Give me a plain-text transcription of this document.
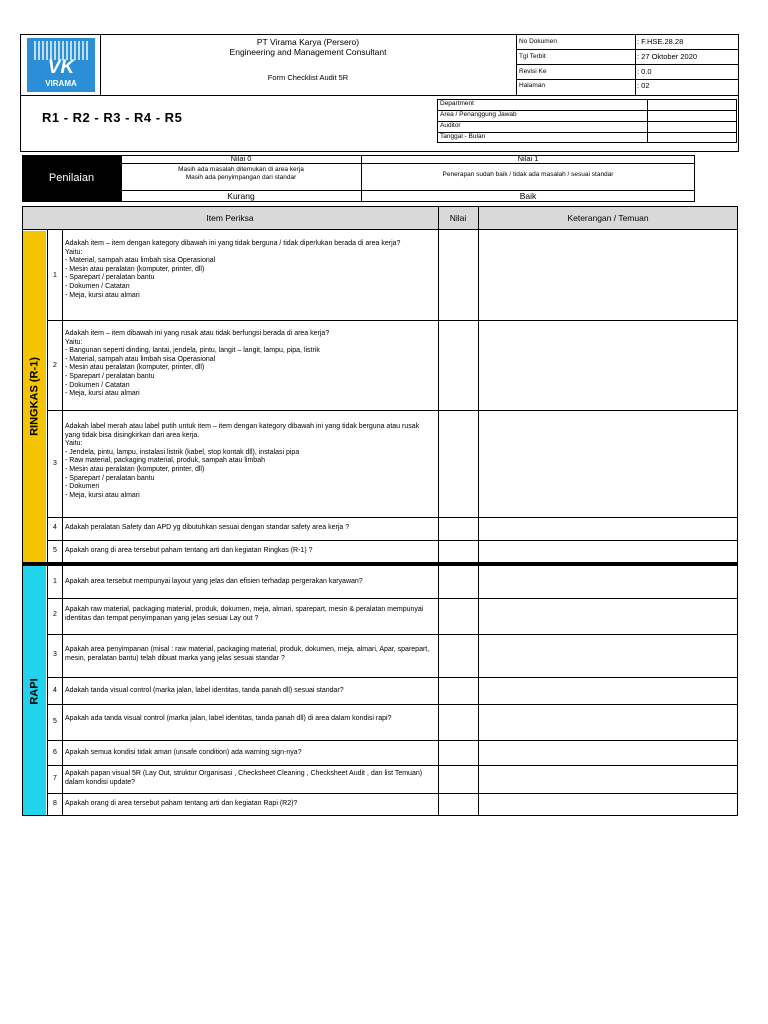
VK
VIRAMA
PT Virama Karya (Persero)
Engineering and Management Consultant
Form Checklist Audit 5R
No Dokumen	: F.HSE.28.28
Tgl Terbit	: 27 Oktober 2020
Revisi Ke	: 0.0
Halaman	: 02
R1 - R2 - R3 - R4 - R5
Department
Area / Penanggung Jawab
Auditor
Tanggal - Bulan
Penilaian
Nilai 0	Nilai 1
Masih ada masalah ditemukan di area kerja
Masih ada penyimpangan dari standar	Penerapan sudah baik / tidak ada masalah / sesuai standar
Kurang	Baik
Item Periksa	Nilai	Keterangan / Temuan
RINGKAS (R-1)
1
Adakah item – item dengan kategory dibawah ini yang tidak berguna / tidak diperlukan berada di area kerja?
Yaitu:
- Material, sampah atau limbah sisa Operasional
- Mesin atau peralatan (komputer, printer, dll)
- Sparepart / peralatan bantu
- Dokumen / Catatan
- Meja, kursi atau almari
2
Adakah item – item dibawah ini yang rusak atau tidak berfungsi berada di area kerja?
Yaitu:
- Bangunan seperti dinding, lantai, jendela, pintu, langit – langit, lampu, pipa, listrik
- Material, sampah atau limbah sisa Operasional
- Mesin atau peralatan (komputer, printer, dll)
- Sparepart / peralatan bantu
- Dokumen / Catatan
- Meja, kursi atau almari
3
Adakah label merah atau label putih untuk item – item dengan kategory dibawah ini yang tidak berguna atau rusak yang tidak bisa disingkirkan dari area kerja.
Yaitu:
- Jendela, pintu, lampu, instalasi listrik (kabel, stop kontak dll), instalasi pipa
- Raw material, packaging material, produk, sampah atau limbah
- Mesin atau peralatan (komputer, printer, dll)
- Sparepart / peralatan bantu
- Dokumen
- Meja, kursi atau almari
4	Adakah peralatan Safety dan APD yg dibutuhkan sesuai dengan standar safety area kerja ?
5	Apakah orang di area tersebut paham tentang arti dan kegiatan Ringkas (R-1) ?
RAPI
1	Apakah area tersebut mempunyai layout yang jelas dan efisien terhadap pergerakan karyawan?
2
Apakah raw material, packaging material, produk, dokumen, meja, almari, sparepart, mesin & peralatan mempunyai identitas dan tempat penyimpanan yang jelas sesuai Lay out ?
3
Apakah area penyimpanan (misal : raw material, packaging material, produk, dokumen, meja, almari, Apar, sparepart, mesin, peralatan bantu) telah dibuat marka yang jelas sesuai standar ?
4	Adakah tanda visual control (marka jalan, label identitas, tanda panah dll) sesuai standar?
5	Apakah ada tanda visual control (marka jalan, label identitas, tanda panah dll) di area dalam kondisi rapi?
6	Apakah semua kondisi tidak aman (unsafe condition) ada warning sign-nya?
7
Apakah papan visual 5R (Lay Out, struktur Organisasi , Checksheet Cleaning , Checksheet Audit , dan list Temuan) dalam kondisi update?
8	Apakah orang di area tersebut paham tentang arti dan kegiatan Rapi (R2)?
